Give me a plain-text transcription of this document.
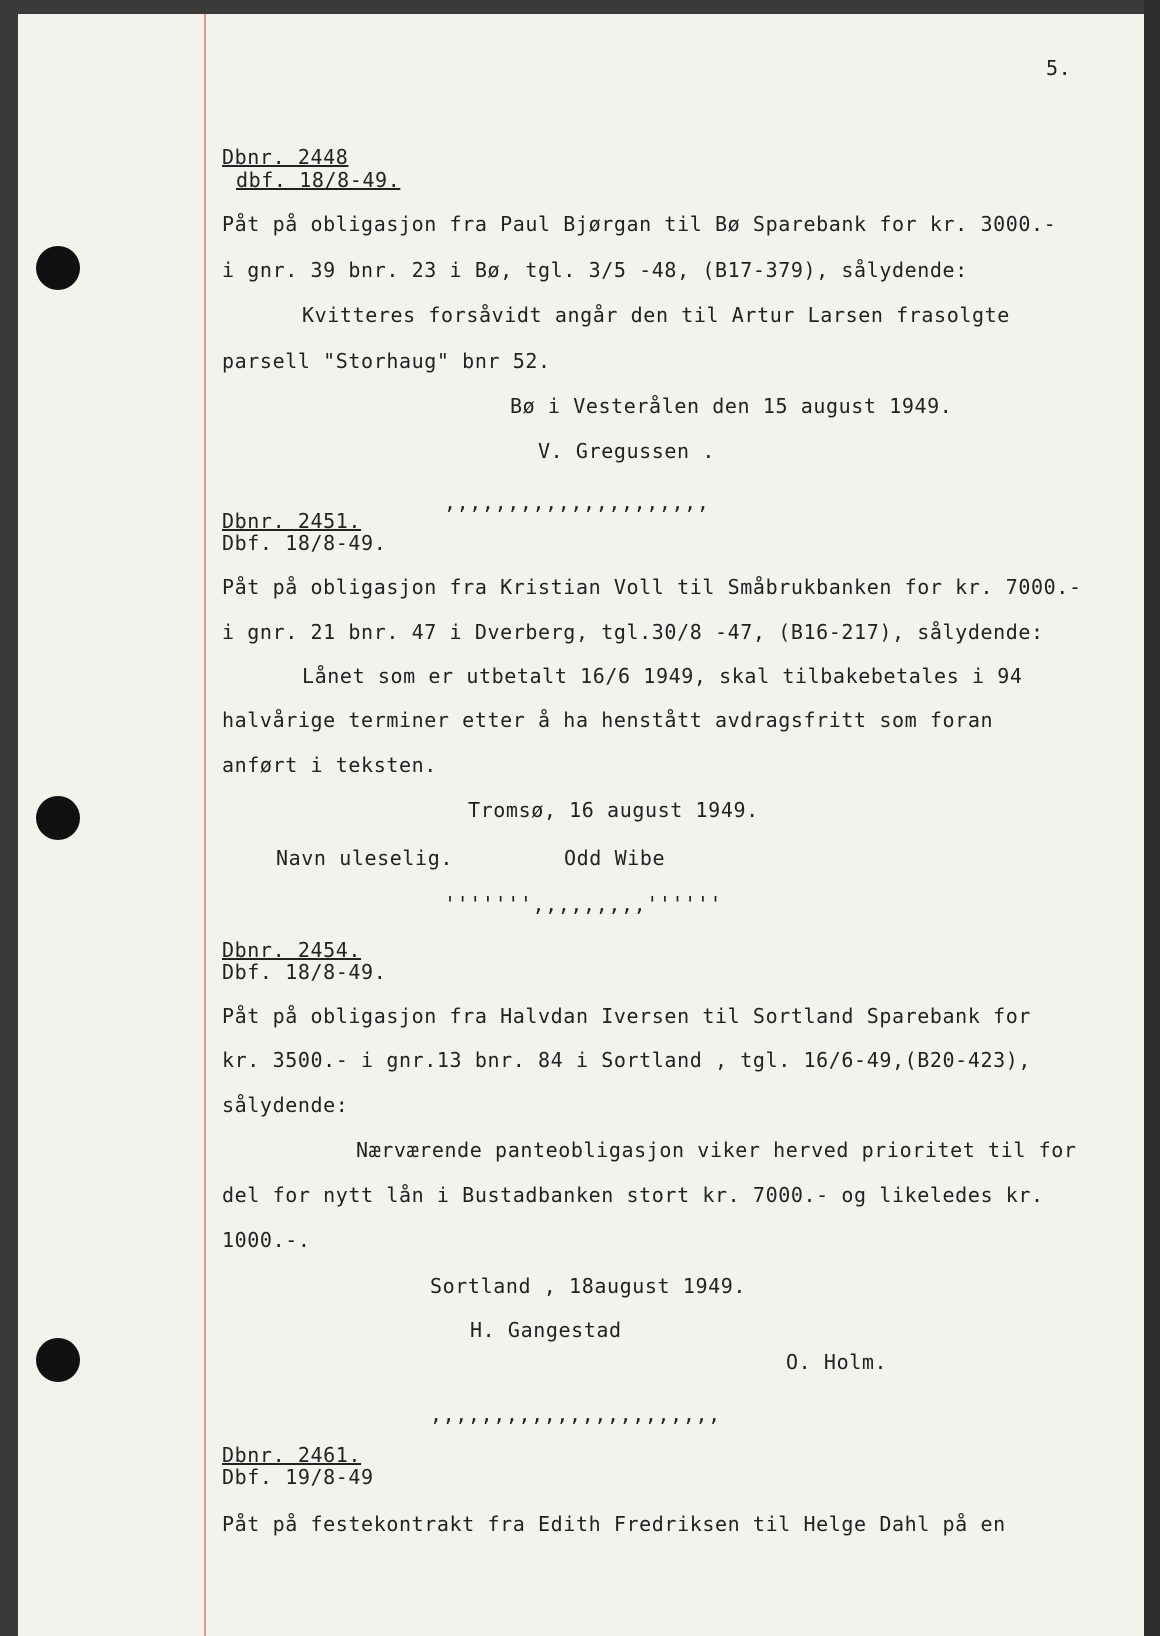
5.
Dbnr. 2448
dbf. 18/8-49.
Påt på obligasjon fra Paul Bjørgan til Bø Sparebank for kr. 3000.-
i gnr. 39 bnr. 23 i Bø, tgl. 3/5 -48, (B17-379), sålydende:
Kvitteres forsåvidt angår den til Artur Larsen frasolgte
parsell "Storhaug" bnr 52.
Bø i Vesterålen den 15 august 1949.
V. Gregussen .
,,,,,,,,,,,,,,,,,,,,,
Dbnr. 2451.
Dbf. 18/8-49.
Påt på obligasjon fra Kristian Voll til Småbrukbanken for kr. 7000.-
i gnr. 21 bnr. 47 i Dverberg, tgl.30/8 -47, (B16-217), sålydende:
Lånet som er utbetalt 16/6 1949, skal tilbakebetales i 94
halvårige terminer etter å ha henstått avdragsfritt som foran
anført i teksten.
Tromsø, 16 august 1949.
Navn uleselig.	Odd Wibe
''''''',,,,,,,,,''''''
Dbnr. 2454.
Dbf. 18/8-49.
Påt på obligasjon fra Halvdan Iversen til Sortland Sparebank for
kr. 3500.- i gnr.13 bnr. 84 i Sortland , tgl. 16/6-49,(B20-423),
sålydende:
Nærværende panteobligasjon viker herved prioritet til for
del for nytt lån i Bustadbanken stort kr. 7000.- og likeledes kr.
1000.-.
Sortland , 18august 1949.
H. Gangestad
O. Holm.
,,,,,,,,,,,,,,,,,,,,,,,
Dbnr. 2461.
Dbf. 19/8-49
Påt på festekontrakt fra Edith Fredriksen til Helge Dahl på en
